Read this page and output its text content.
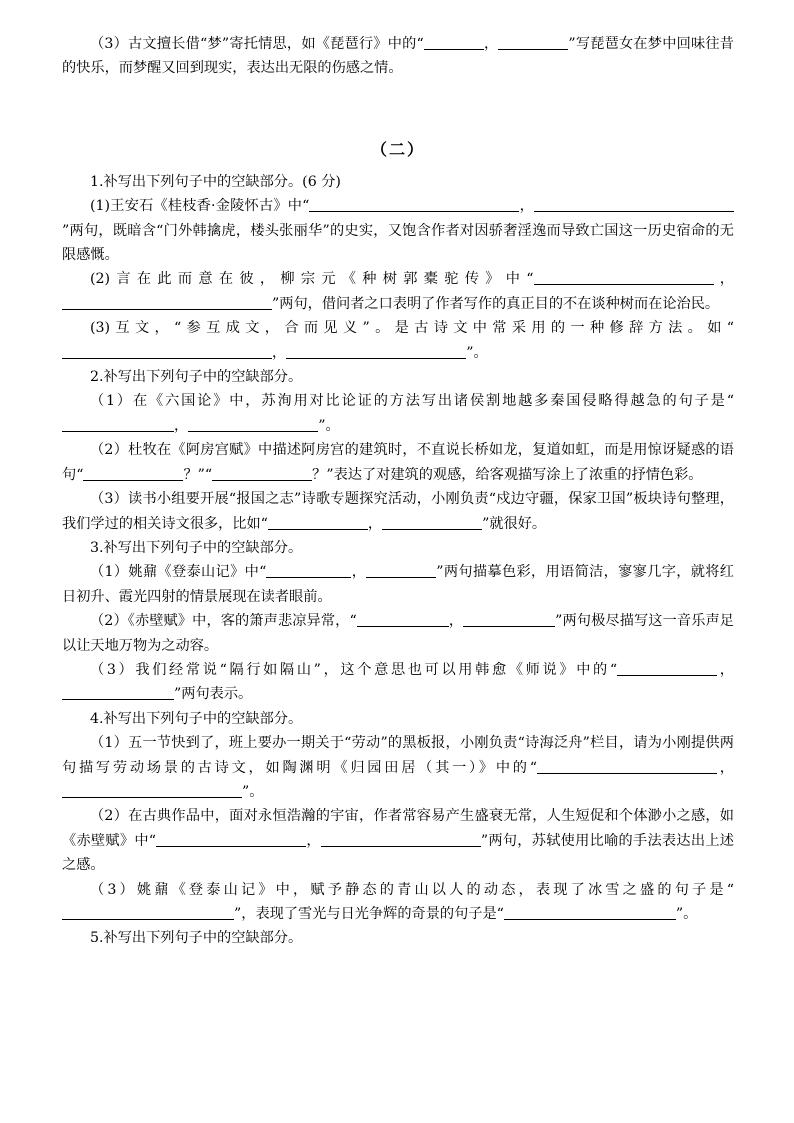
（3）古文擅长借“梦”寄托情思，如《琵琶行》中的“	，	”写琵琶女在梦中回味往昔的快乐，而梦醒又回到现实，表达出无限的伤感之情。

（二）

1.补写出下列句子中的空缺部分。(6 分)

(1)王安石《桂枝香·金陵怀古》中“	，”两句，既暗含“门外韩擒虎，楼头张丽华”的史实，又饱含作者对因骄奢淫逸而导致亡国这一历史宿命的无限感慨。

(2)言在此而意在彼，柳宗元《种树郭橐驼传》中“	，”两句，借问者之口表明了作者写作的真正目的不在谈种树而在论治民。

(3)互文，“参互成文，合而见义”。是古诗文中常采用的一种修辞方法。如“，	”。

2.补写出下列句子中的空缺部分。

（1）在《六国论》中，苏洵用对比论证的方法写出诸侯割地越多秦国侵略得越急的句子是“，	”。

（2）杜牧在《阿房宫赋》中描述阿房宫的建筑时，不直说长桥如龙，复道如虹，而是用惊讶疑惑的语句“	？”“	？”表达了对建筑的观感，给客观描写涂上了浓重的抒情色彩。

（3）读书小组要开展“报国之志”诗歌专题探究活动，小刚负责“戍边守疆，保家卫国”板块诗句整理，我们学过的相关诗文很多，比如“	，	”就很好。

3.补写出下列句子中的空缺部分。

（1）姚鼐《登泰山记》中“	，	”两句描摹色彩，用语简洁，寥寥几字，就将红日初升、霞光四射的情景展现在读者眼前。

（2）《赤壁赋》中，客的箫声悲凉异常，“	，	”两句极尽描写这一音乐声足以让天地万物为之动容。

（3）我们经常说“隔行如隔山”，这个意思也可以用韩愈《师说》中的“	，”两句表示。

4.补写出下列句子中的空缺部分。

（1）五一节快到了，班上要办一期关于“劳动”的黑板报，小刚负责“诗海泛舟”栏目，请为小刚提供两句描写劳动场景的古诗文，如陶渊明《归园田居（其一）》中的“	，”。

（2）在古典作品中，面对永恒浩瀚的宇宙，作者常容易产生盛衰无常，人生短促和个体渺小之感，如《赤壁赋》中“	，	”两句，苏轼使用比喻的手法表达出上述之感。

（3）姚鼐《登泰山记》中，赋予静态的青山以人的动态，表现了冰雪之盛的句子是“”，表现了雪光与日光争辉的奇景的句子是“	”。

5.补写出下列句子中的空缺部分。
